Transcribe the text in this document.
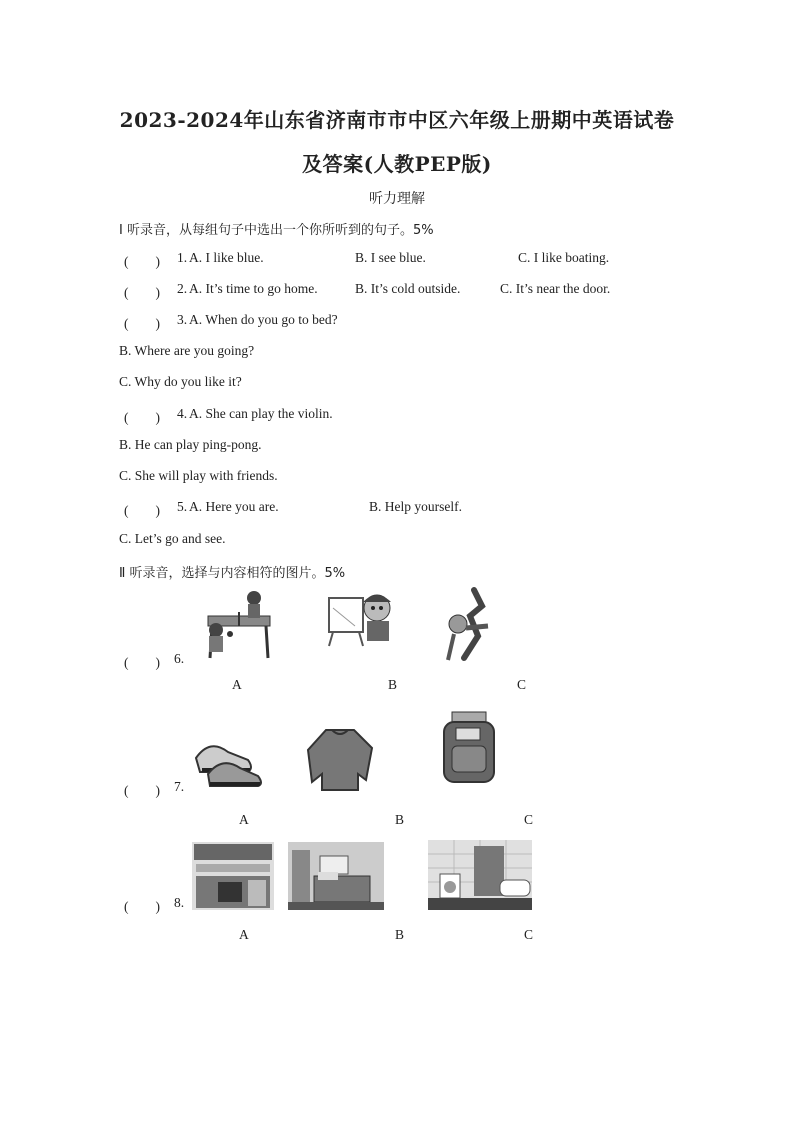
2023-2024年山东省济南市市中区六年级上册期中英语试卷
及答案(人教PEP版)
听力理解
I 听录音，从每组句子中选出一个你所听到的句子。5%
(　　) 1. A. I like blue.	B. I see blue.	C. I like boating.
(　　) 2. A. It’s time to go home.	B. It’s cold outside.	C. It’s near the door.
(　　) 3. A. When do you go to bed?
B. Where are you going?
C. Why do you like it?
(　　) 4. A. She can play the violin.
B. He can play ping-pong.
C. She will play with friends.
(　　) 5. A. Here you are.	B. Help yourself.
C. Let’s go and see.
Ⅱ 听录音，选择与内容相符的图片。5%
(　　) 6.
A	B	C
(　　) 7.
A	B	C
(　　) 8.
A	B	C
